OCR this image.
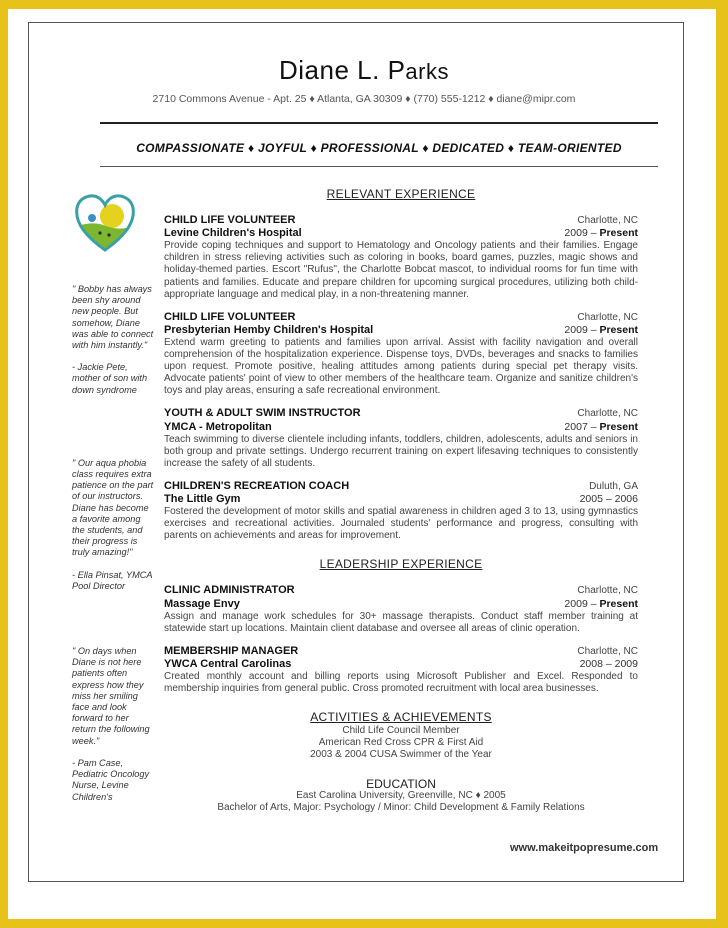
Diane L. Parks
2710 Commons Avenue - Apt. 25 ♦ Atlanta, GA 30309 ♦ (770) 555-1212 ♦ diane@mipr.com
COMPASSIONATE ♦ JOYFUL ♦ PROFESSIONAL ♦ DEDICATED ♦ TEAM-ORIENTED
" Bobby has always been shy around new people. But somehow, Diane was able to connect with him instantly."
- Jackie Pete, mother of son with down syndrome
" Our aqua phobia class requires extra patience on the part of our instructors. Diane has become a favorite among the students, and their progress is truly amazing!"
- Ella Pinsat, YMCA Pool Director
" On days when Diane is not here patients often express how they miss her smiling face and look forward to her return the following week."
- Pam Case, Pediatric Oncology Nurse, Levine Children's
RELEVANT EXPERIENCE
CHILD LIFE VOLUNTEER	Charlotte, NC
Levine Children's Hospital	2009 – Present
Provide coping techniques and support to Hematology and Oncology patients and their families. Engage children in stress relieving activities such as coloring in books, board games, puzzles, magic shows and holiday-themed parties. Escort "Rufus", the Charlotte Bobcat mascot, to individual rooms for fun time with patients and families. Educate and prepare children for upcoming surgical procedures, utilizing both child-appropriate language and medical play, in a non-threatening manner.
CHILD LIFE VOLUNTEER	Charlotte, NC
Presbyterian Hemby Children's Hospital	2009 – Present
Extend warm greeting to patients and families upon arrival. Assist with facility navigation and overall comprehension of the hospitalization experience. Dispense toys, DVDs, beverages and snacks to families upon request. Promote positive, healing attitudes among patients during special pet therapy visits. Advocate patients' point of view to other members of the healthcare team. Organize and sanitize children's toys and play areas, ensuring a safe recreational environment.
YOUTH & ADULT SWIM INSTRUCTOR	Charlotte, NC
YMCA - Metropolitan	2007 – Present
Teach swimming to diverse clientele including infants, toddlers, children, adolescents, adults and seniors in both group and private settings. Undergo recurrent training on expert lifesaving techniques to consistently increase the safety of all students.
CHILDREN'S RECREATION COACH	Duluth, GA
The Little Gym	2005 – 2006
Fostered the development of motor skills and spatial awareness in children aged 3 to 13, using gymnastics exercises and recreational activities. Journaled students' performance and progress, consulting with parents on achievements and areas for improvement.
LEADERSHIP EXPERIENCE
CLINIC ADMINISTRATOR	Charlotte, NC
Massage Envy	2009 – Present
Assign and manage work schedules for 30+ massage therapists. Conduct staff member training at statewide start up locations. Maintain client database and oversee all areas of clinic operation.
MEMBERSHIP MANAGER	Charlotte, NC
YWCA Central Carolinas	2008 – 2009
Created monthly account and billing reports using Microsoft Publisher and Excel. Responded to membership inquiries from general public. Cross promoted recruitment with local area businesses.
ACTIVITIES & ACHIEVEMENTS
Child Life Council Member
American Red Cross CPR & First Aid
2003 & 2004 CUSA Swimmer of the Year
EDUCATION
East Carolina University, Greenville, NC ♦ 2005
Bachelor of Arts, Major: Psychology / Minor: Child Development & Family Relations
www.makeitpopresume.com
